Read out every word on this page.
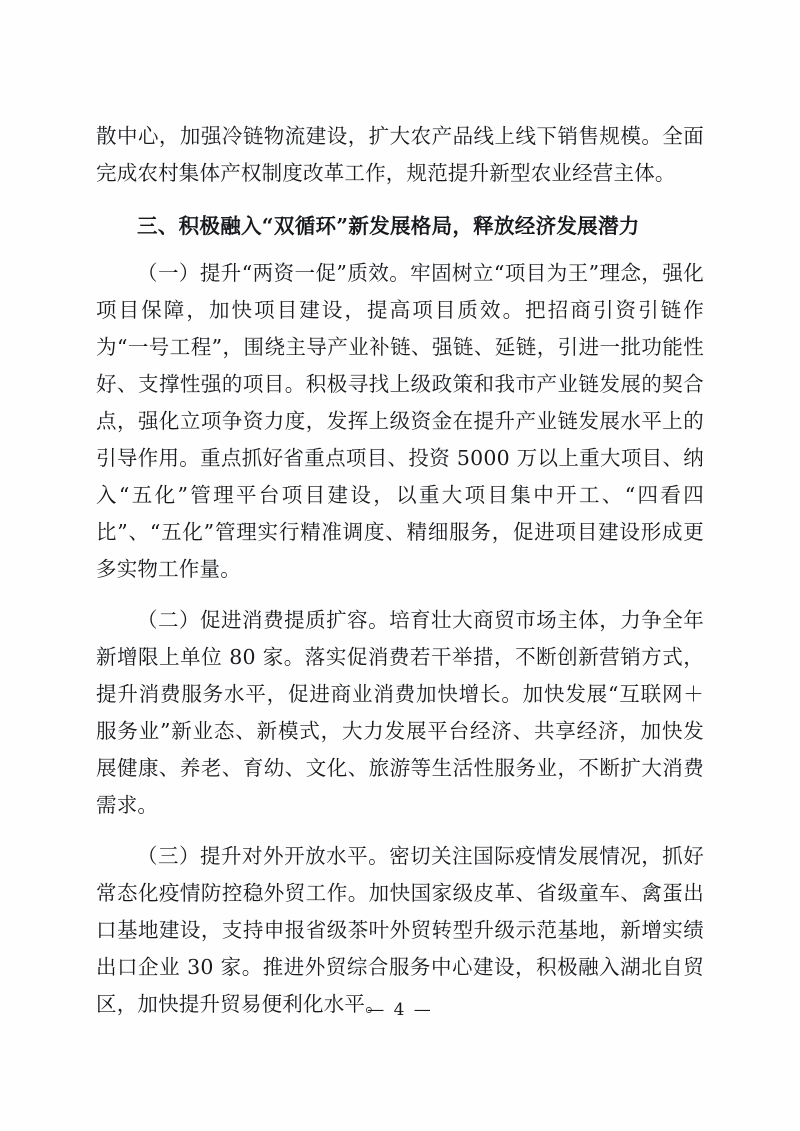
散中心，加强冷链物流建设，扩大农产品线上线下销售规模。全面完成农村集体产权制度改革工作，规范提升新型农业经营主体。

三、积极融入“双循环”新发展格局，释放经济发展潜力

（一）提升“两资一促”质效。牢固树立“项目为王”理念，强化项目保障，加快项目建设，提高项目质效。把招商引资引链作为“一号工程”，围绕主导产业补链、强链、延链，引进一批功能性好、支撑性强的项目。积极寻找上级政策和我市产业链发展的契合点，强化立项争资力度，发挥上级资金在提升产业链发展水平上的引导作用。重点抓好省重点项目、投资 5000 万以上重大项目、纳入“五化”管理平台项目建设，以重大项目集中开工、“四看四比”、“五化”管理实行精准调度、精细服务，促进项目建设形成更多实物工作量。

（二）促进消费提质扩容。培育壮大商贸市场主体，力争全年新增限上单位 80 家。落实促消费若干举措，不断创新营销方式，提升消费服务水平，促进商业消费加快增长。加快发展“互联网＋服务业”新业态、新模式，大力发展平台经济、共享经济，加快发展健康、养老、育幼、文化、旅游等生活性服务业，不断扩大消费需求。

（三）提升对外开放水平。密切关注国际疫情发展情况，抓好常态化疫情防控稳外贸工作。加快国家级皮革、省级童车、禽蛋出口基地建设，支持申报省级茶叶外贸转型升级示范基地，新增实绩出口企业 30 家。推进外贸综合服务中心建设，积极融入湖北自贸区，加快提升贸易便利化水平。

— 4 —
